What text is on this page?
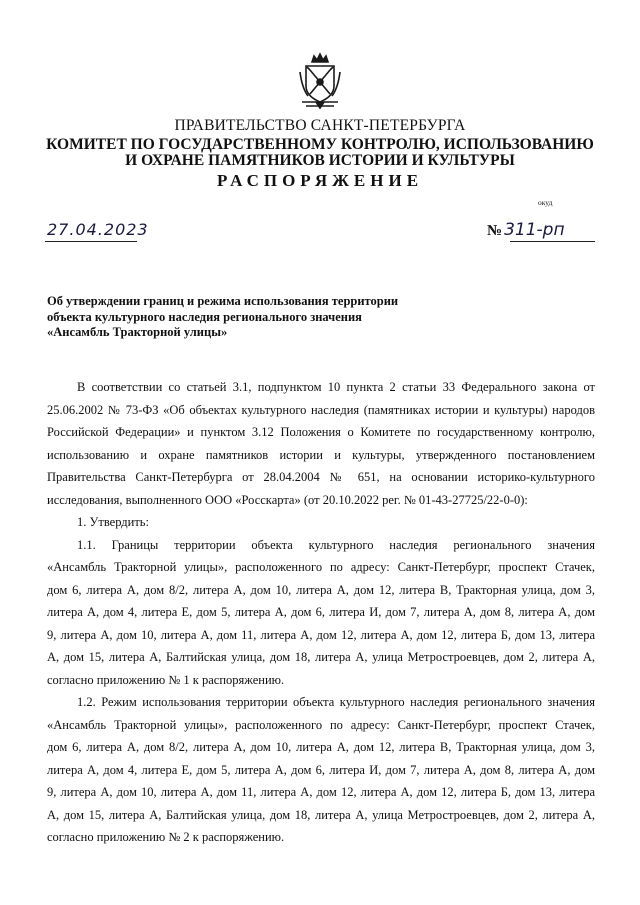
ПРАВИТЕЛЬСТВО САНКТ-ПЕТЕРБУРГА
КОМИТЕТ ПО ГОСУДАРСТВЕННОМУ КОНТРОЛЮ, ИСПОЛЬЗОВАНИЮ
И ОХРАНЕ ПАМЯТНИКОВ ИСТОРИИ И КУЛЬТУРЫ
РАСПОРЯЖЕНИЕ
окуд
27.04.2023	№ 311-рп
Об утверждении границ и режима использования территории
объекта культурного наследия регионального значения
«Ансамбль Тракторной улицы»
В соответствии со статьей 3.1, подпунктом 10 пункта 2 статьи 33 Федерального закона от
25.06.2002 № 73-ФЗ «Об объектах культурного наследия (памятниках истории и культуры) народов
Российской Федерации» и пунктом 3.12 Положения о Комитете по государственному контролю,
использованию и охране памятников истории и культуры, утвержденного постановлением
Правительства Санкт-Петербурга от 28.04.2004 № 651, на основании историко-культурного
исследования, выполненного ООО «Росскарта» (от 20.10.2022 рег. № 01-43-27725/22-0-0):
1. Утвердить:
1.1. Границы территории объекта культурного наследия регионального значения
«Ансамбль Тракторной улицы», расположенного по адресу: Санкт-Петербург, проспект Стачек,
дом 6, литера А, дом 8/2, литера А, дом 10, литера А, дом 12, литера В, Тракторная улица, дом 3,
литера А, дом 4, литера Е, дом 5, литера А, дом 6, литера И, дом 7, литера А, дом 8, литера А, дом
9, литера А, дом 10, литера А, дом 11, литера А, дом 12, литера А, дом 12, литера Б, дом 13, литера
А, дом 15, литера А, Балтийская улица, дом 18, литера А, улица Метростроевцев, дом 2, литера А,
согласно приложению № 1 к распоряжению.
1.2. Режим использования территории объекта культурного наследия регионального значения
«Ансамбль Тракторной улицы», расположенного по адресу: Санкт-Петербург, проспект Стачек,
дом 6, литера А, дом 8/2, литера А, дом 10, литера А, дом 12, литера В, Тракторная улица, дом 3,
литера А, дом 4, литера Е, дом 5, литера А, дом 6, литера И, дом 7, литера А, дом 8, литера А, дом
9, литера А, дом 10, литера А, дом 11, литера А, дом 12, литера А, дом 12, литера Б, дом 13, литера
А, дом 15, литера А, Балтийская улица, дом 18, литера А, улица Метростроевцев, дом 2, литера А,
согласно приложению № 2 к распоряжению.
